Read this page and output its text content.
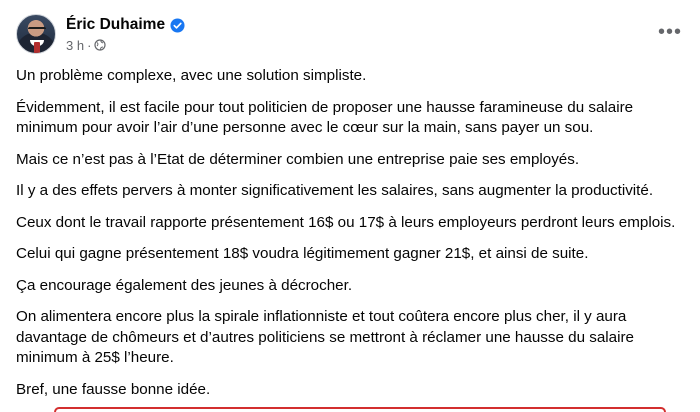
Éric Duhaime
3 h ·
•••

Un problème complexe, avec une solution simpliste.

Évidemment, il est facile pour tout politicien de proposer une hausse faramineuse du salaire minimum pour avoir l’air d’une personne avec le cœur sur la main, sans payer un sou.

Mais ce n’est pas à l’Etat de déterminer combien une entreprise paie ses employés.

Il y a des effets pervers à monter significativement les salaires, sans augmenter la productivité.

Ceux dont le travail rapporte présentement 16$ ou 17$ à leurs employeurs perdront leurs emplois.

Celui qui gagne présentement 18$ voudra légitimement gagner 21$, et ainsi de suite.

Ça encourage également des jeunes à décrocher.

On alimentera encore plus la spirale inflationniste et tout coûtera encore plus cher, il y aura davantage de chômeurs et d’autres politiciens se mettront à réclamer une hausse du salaire minimum à 25$ l’heure.

Bref, une fausse bonne idée.
